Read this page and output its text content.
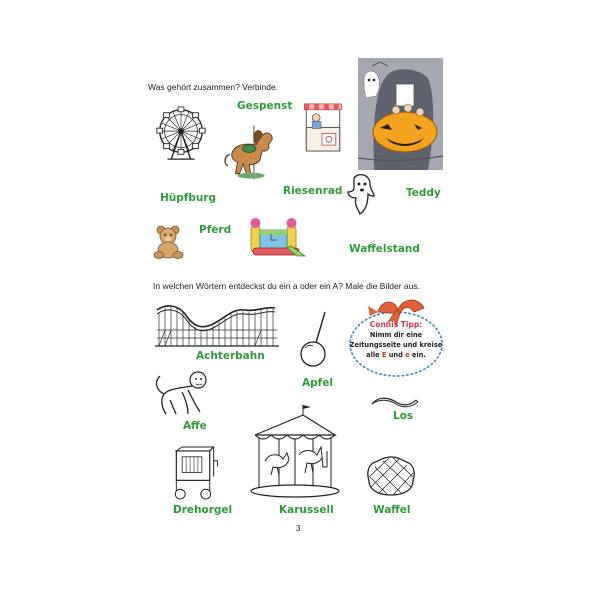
Was gehört zusammen? Verbinde.
Gespenst
Hüpfburg
Riesenrad	Teddy
Pferd
Waffelstand
In welchen Wörtern entdeckst du ein a oder ein A? Male die Bilder aus.
Achterbahn
Apfel
Connis Tipp:
Nimm dir eine
Zeitungsseite und kreise
alle E und e ein.
Affe
Los
Karussell
Drehorgel	Waffel
3
